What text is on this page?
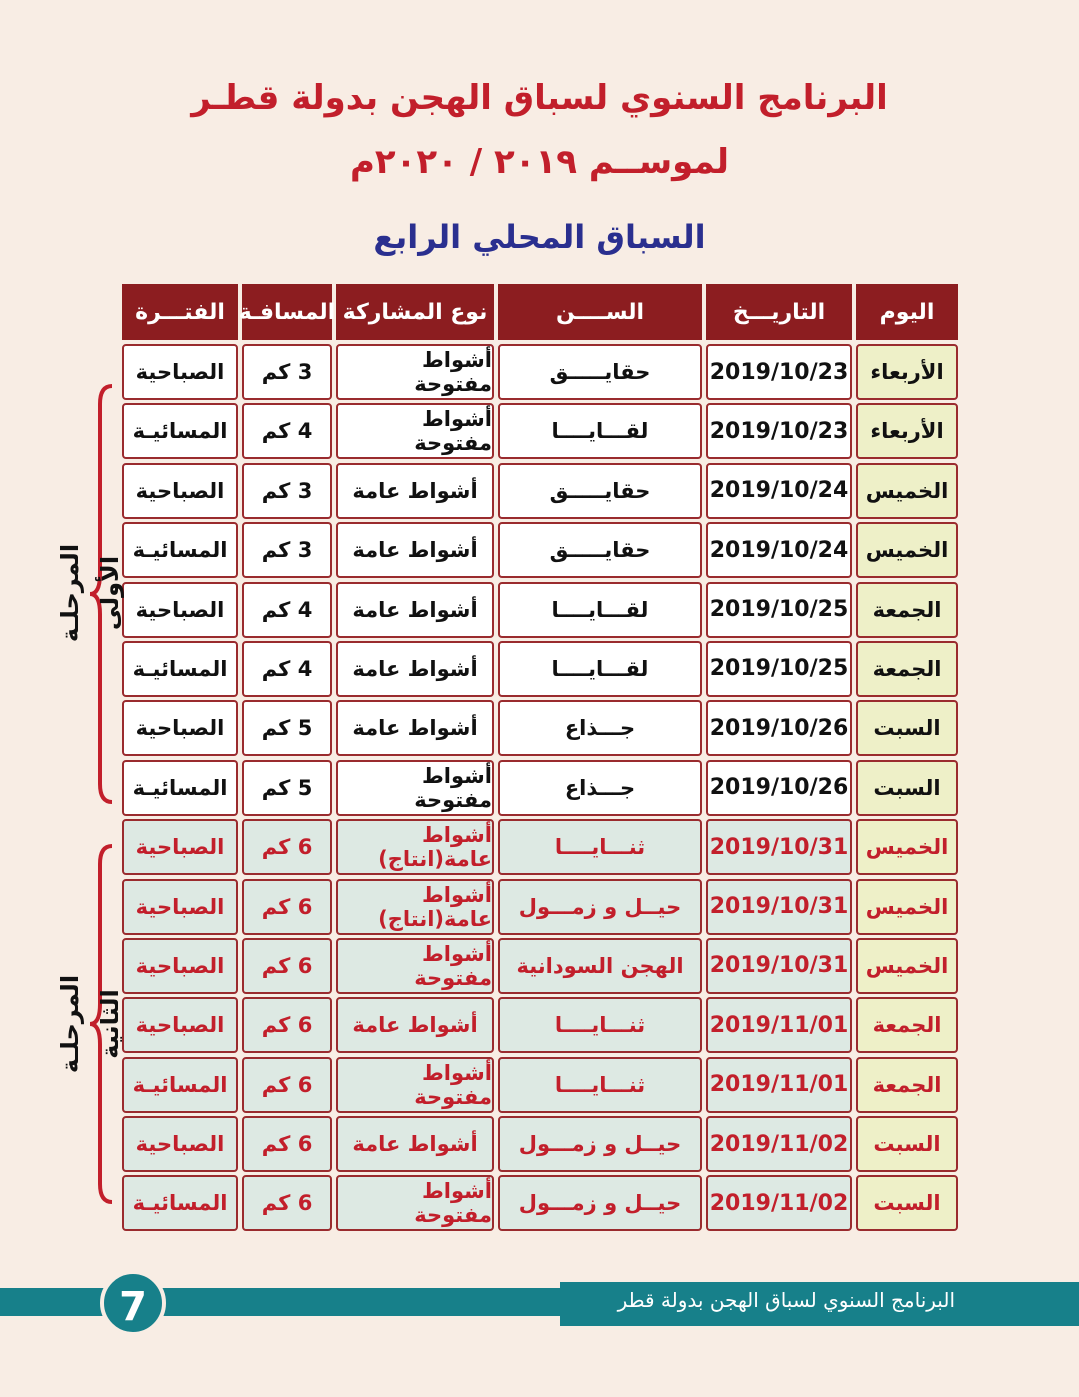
البرنامج السنوي لسباق الهجن بدولة قطـر
لموســم ٢٠١٩ / ٢٠٢٠م
السباق المحلي الرابع
اليوم
التاريـــخ
الســــن
نوع المشاركة
المسافـة
الفتـــرة
الأربعاء
2019/10/23
حقايـــــق
أشواط مفتوحة
3 كم
الصباحية
الأربعاء
2019/10/23
لقـــايــــا
أشواط مفتوحة
4 كم
المسائيـة
الخميس
2019/10/24
حقايـــــق
أشواط عامة
3 كم
الصباحية
الخميس
2019/10/24
حقايـــــق
أشواط عامة
3 كم
المسائيـة
الجمعة
2019/10/25
لقـــايــــا
أشواط عامة
4 كم
الصباحية
الجمعة
2019/10/25
لقـــايــــا
أشواط عامة
4 كم
المسائيـة
السبت
2019/10/26
جـــذاع
أشواط عامة
5 كم
الصباحية
السبت
2019/10/26
جـــذاع
أشواط مفتوحة
5 كم
المسائيـة
الخميس
2019/10/31
ثنـــايــــا
أشواط عامة(انتاج)
6 كم
الصباحية
الخميس
2019/10/31
حيــل و زمـــول
أشواط عامة(انتاج)
6 كم
الصباحية
الخميس
2019/10/31
الهجن السودانية
أشواط مفتوحة
6 كم
الصباحية
الجمعة
2019/11/01
ثنـــايــــا
أشواط عامة
6 كم
الصباحية
الجمعة
2019/11/01
ثنـــايــــا
أشواط مفتوحة
6 كم
المسائيـة
السبت
2019/11/02
حيــل و زمـــول
أشواط عامة
6 كم
الصباحية
السبت
2019/11/02
حيــل و زمـــول
أشواط مفتوحة
6 كم
المسائيـة
المرحلـة الأولى
المرحلـة الثانية
البرنامج السنوي لسباق الهجن بدولة قطر
7
